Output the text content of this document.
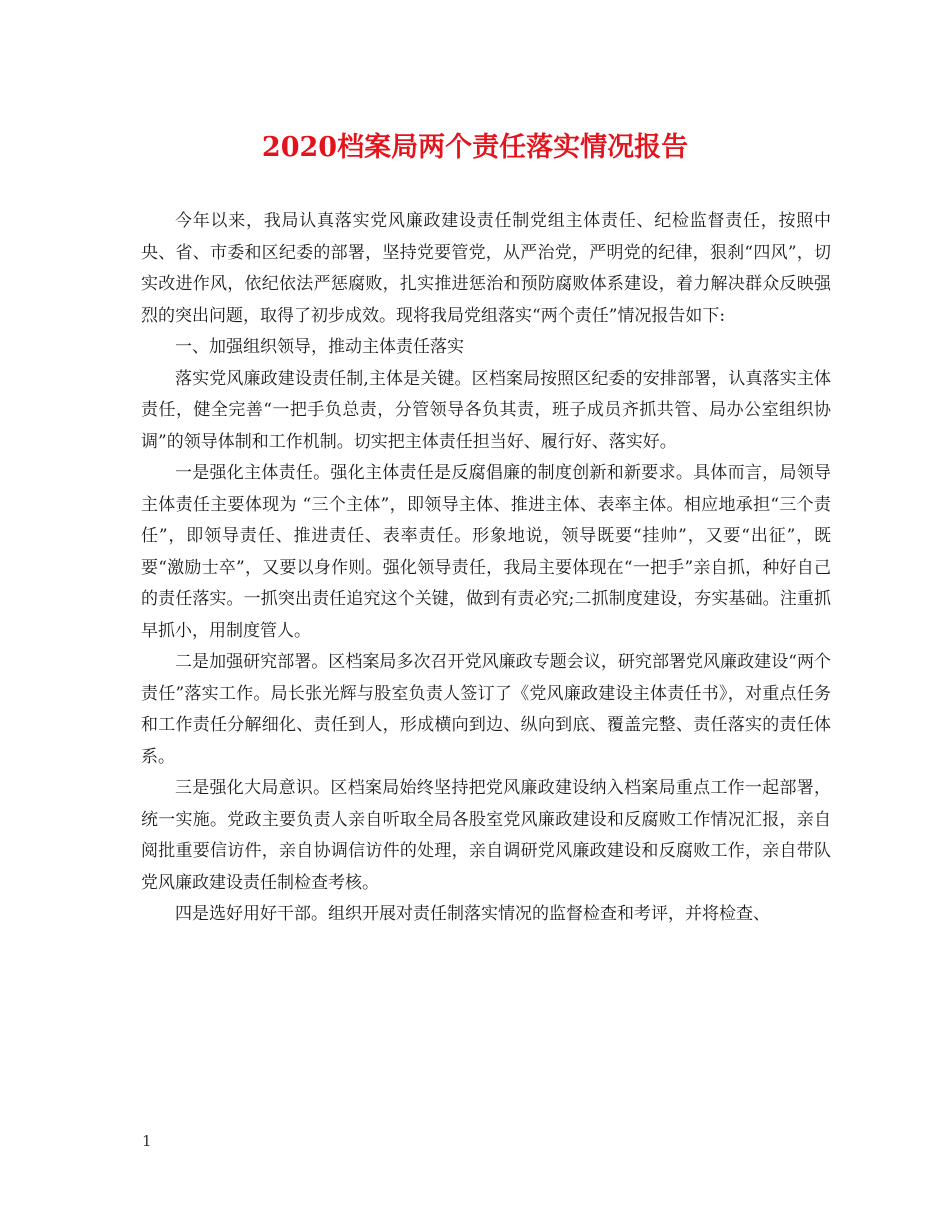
2020档案局两个责任落实情况报告

今年以来，我局认真落实党风廉政建设责任制党组主体责任、纪检监督责任，按照中央、省、市委和区纪委的部署，坚持党要管党，从严治党，严明党的纪律，狠刹“四风”，切实改进作风，依纪依法严惩腐败，扎实推进惩治和预防腐败体系建设，着力解决群众反映强烈的突出问题，取得了初步成效。现将我局党组落实“两个责任”情况报告如下:

一、加强组织领导，推动主体责任落实

落实党风廉政建设责任制,主体是关键。区档案局按照区纪委的安排部署，认真落实主体责任，健全完善“一把手负总责，分管领导各负其责，班子成员齐抓共管、局办公室组织协调”的领导体制和工作机制。切实把主体责任担当好、履行好、落实好。

一是强化主体责任。强化主体责任是反腐倡廉的制度创新和新要求。具体而言，局领导主体责任主要体现为 “三个主体”，即领导主体、推进主体、表率主体。相应地承担“三个责任”，即领导责任、推进责任、表率责任。形象地说，领导既要“挂帅”，又要“出征”，既要“激励士卒”，又要以身作则。强化领导责任，我局主要体现在“一把手”亲自抓，种好自己的责任落实。一抓突出责任追究这个关键，做到有责必究;二抓制度建设，夯实基础。注重抓早抓小，用制度管人。

二是加强研究部署。区档案局多次召开党风廉政专题会议，研究部署党风廉政建设“两个责任”落实工作。局长张光辉与股室负责人签订了《党风廉政建设主体责任书》，对重点任务和工作责任分解细化、责任到人，形成横向到边、纵向到底、覆盖完整、责任落实的责任体系。

三是强化大局意识。区档案局始终坚持把党风廉政建设纳入档案局重点工作一起部署，统一实施。党政主要负责人亲自听取全局各股室党风廉政建设和反腐败工作情况汇报，亲自阅批重要信访件，亲自协调信访件的处理，亲自调研党风廉政建设和反腐败工作，亲自带队党风廉政建设责任制检查考核。

四是选好用好干部。组织开展对责任制落实情况的监督检查和考评，并将检查、

1
